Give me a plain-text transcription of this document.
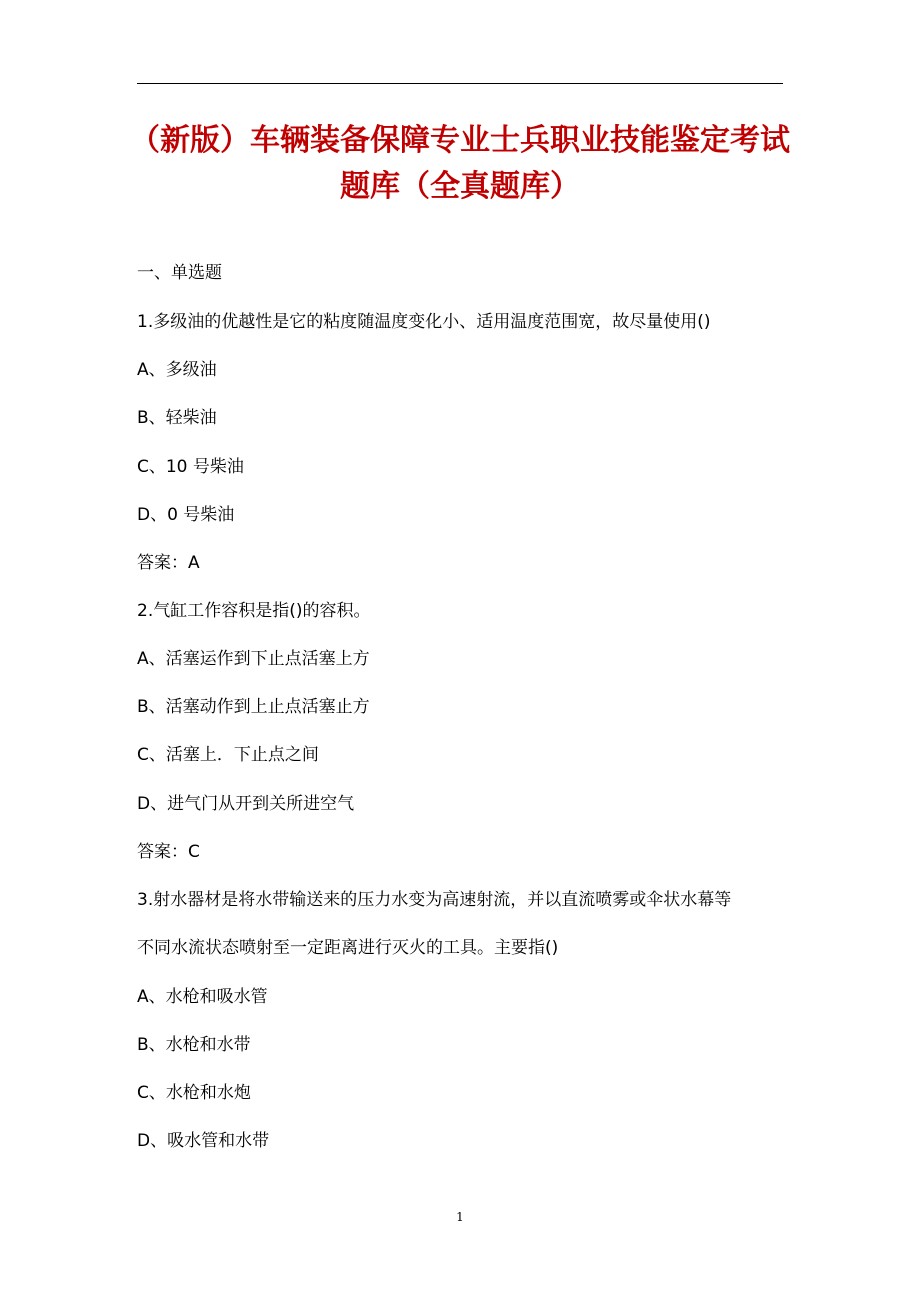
（新版）车辆装备保障专业士兵职业技能鉴定考试题库（全真题库）
一、单选题
1.多级油的优越性是它的粘度随温度变化小、适用温度范围宽，故尽量使用()
A、多级油
B、轻柴油
C、10 号柴油
D、0 号柴油
答案：A
2.气缸工作容积是指()的容积。
A、活塞运作到下止点活塞上方
B、活塞动作到上止点活塞止方
C、活塞上．下止点之间
D、进气门从开到关所进空气
答案：C
3.射水器材是将水带输送来的压力水变为高速射流，并以直流喷雾或伞状水幕等
不同水流状态喷射至一定距离进行灭火的工具。主要指()
A、水枪和吸水管
B、水枪和水带
C、水枪和水炮
D、吸水管和水带
1
